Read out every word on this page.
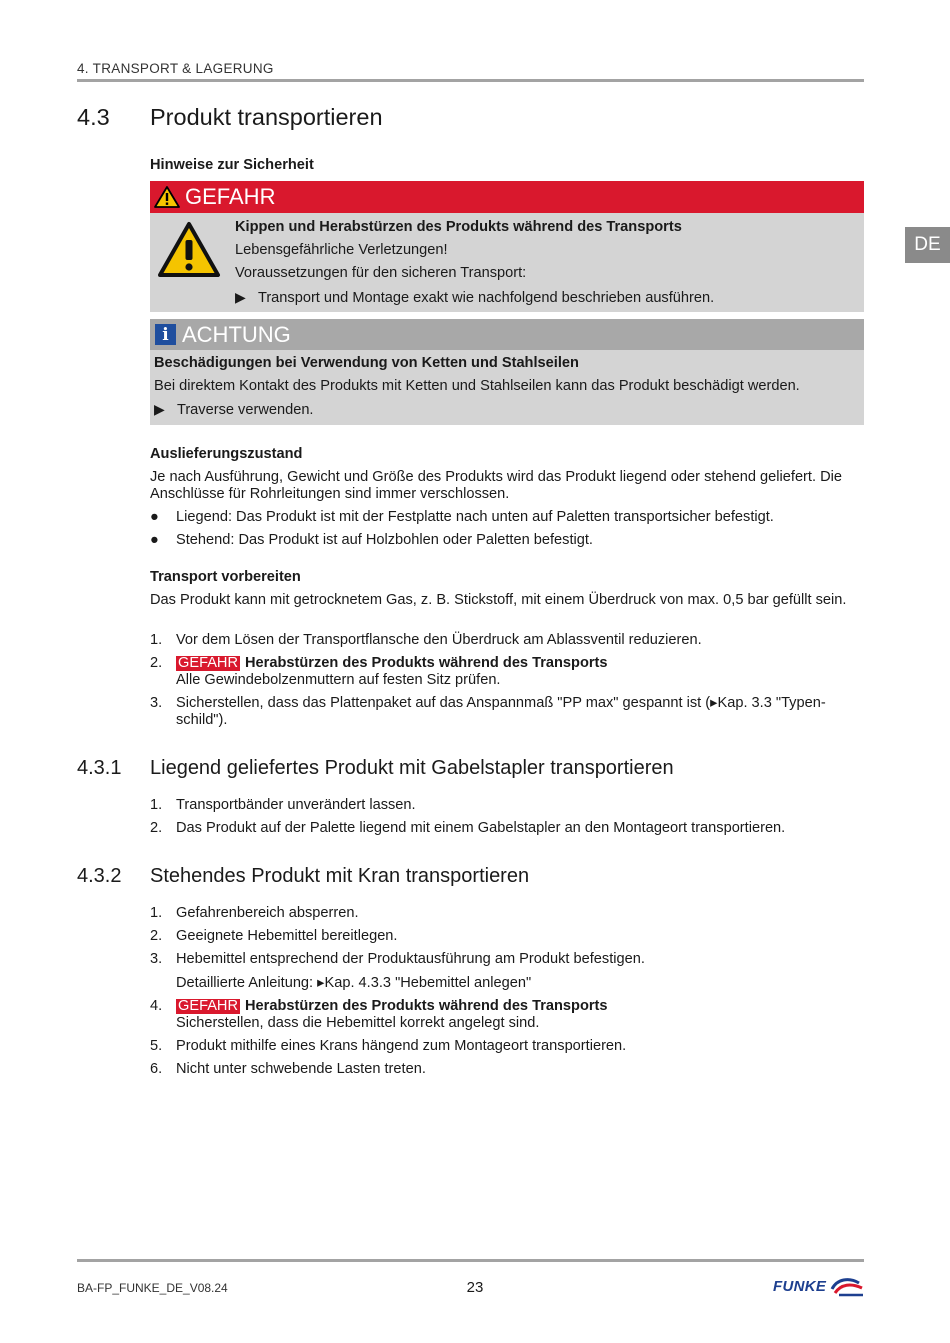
4. TRANSPORT & LAGERUNG
DE
4.3 Produkt transportieren
Hinweise zur Sicherheit
GEFAHR
Kippen und Herabstürzen des Produkts während des Transports
Lebensgefährliche Verletzungen!
Voraussetzungen für den sicheren Transport:
▶ Transport und Montage exakt wie nachfolgend beschrieben ausführen.
i ACHTUNG
Beschädigungen bei Verwendung von Ketten und Stahlseilen
Bei direktem Kontakt des Produkts mit Ketten und Stahlseilen kann das Produkt beschädigt werden.
▶ Traverse verwenden.
Auslieferungszustand
Je nach Ausführung, Gewicht und Größe des Produkts wird das Produkt liegend oder stehend geliefert. Die Anschlüsse für Rohrleitungen sind immer verschlossen.
● Liegend: Das Produkt ist mit der Festplatte nach unten auf Paletten transportsicher befestigt.
● Stehend: Das Produkt ist auf Holzbohlen oder Paletten befestigt.
Transport vorbereiten
Das Produkt kann mit getrocknetem Gas, z. B. Stickstoff, mit einem Überdruck von max. 0,5 bar gefüllt sein.
1. Vor dem Lösen der Transportflansche den Überdruck am Ablassventil reduzieren.
2. GEFAHR Herabstürzen des Produkts während des Transports
Alle Gewindebolzenmuttern auf festen Sitz prüfen.
3. Sicherstellen, dass das Plattenpaket auf das Anspannmaß "PP max" gespannt ist (▸Kap. 3.3 "Typen-schild").
4.3.1 Liegend geliefertes Produkt mit Gabelstapler transportieren
1. Transportbänder unverändert lassen.
2. Das Produkt auf der Palette liegend mit einem Gabelstapler an den Montageort transportieren.
4.3.2 Stehendes Produkt mit Kran transportieren
1. Gefahrenbereich absperren.
2. Geeignete Hebemittel bereitlegen.
3. Hebemittel entsprechend der Produktausführung am Produkt befestigen.
Detaillierte Anleitung: ▸Kap. 4.3.3 "Hebemittel anlegen"
4. GEFAHR Herabstürzen des Produkts während des Transports
Sicherstellen, dass die Hebemittel korrekt angelegt sind.
5. Produkt mithilfe eines Krans hängend zum Montageort transportieren.
6. Nicht unter schwebende Lasten treten.
BA-FP_FUNKE_DE_V08.24	23	FUNKE
